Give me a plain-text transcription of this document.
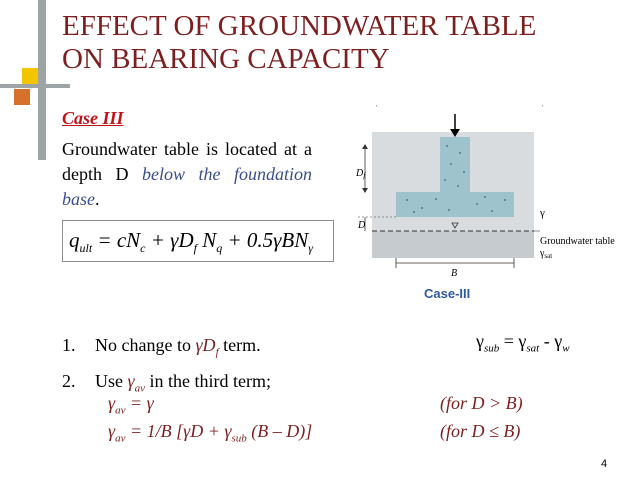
EFFECT OF GROUNDWATER TABLE
ON BEARING CAPACITY
Case III
Groundwater table is located at a depth D below the foundation base.
$q_{ult} = cN_c + \gamma D_f$ $N_q + 0.5\gamma BN_\gamma$
'	'
$D_f$
D
γ
Groundwater table
$\gamma_{sat}$
B
Case-III
1.	No change to $\gamma D_f$ term.
2.	Use $\gamma_{av}$ in the third term;
$\gamma_{sub} = \gamma_{sat} - \gamma_w$
$\gamma_{av} = \gamma$	(for D > B)
$\gamma_{av} = 1/B$ [$\gamma D + \gamma_{sub}$ (B – D)]	(for D ≤ B)
4
